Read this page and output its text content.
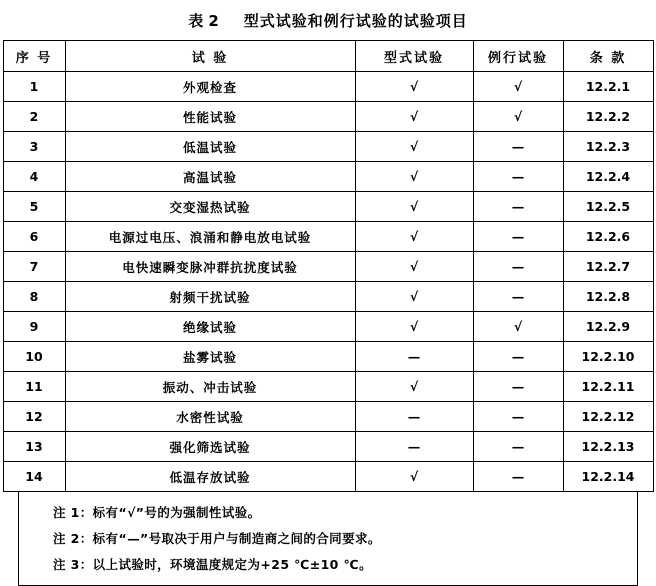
表 2 型式试验和例行试验的试验项目
序 号	试 验	型式试验	例行试验	条 款
1	外观检查	√	√	12.2.1
2	性能试验	√	√	12.2.2
3	低温试验	√	—	12.2.3
4	高温试验	√	—	12.2.4
5	交变湿热试验	√	—	12.2.5
6	电源过电压、浪涌和静电放电试验	√	—	12.2.6
7	电快速瞬变脉冲群抗扰度试验	√	—	12.2.7
8	射频干扰试验	√	—	12.2.8
9	绝缘试验	√	√	12.2.9
10	盐雾试验	—	—	12.2.10
11	振动、冲击试验	√	—	12.2.11
12	水密性试验	—	—	12.2.12
13	强化筛选试验	—	—	12.2.13
14	低温存放试验	√	—	12.2.14
注 1：标有“√”号的为强制性试验。
注 2：标有“—”号取决于用户与制造商之间的合同要求。
注 3：以上试验时，环境温度规定为+25 ℃±10 ℃。
